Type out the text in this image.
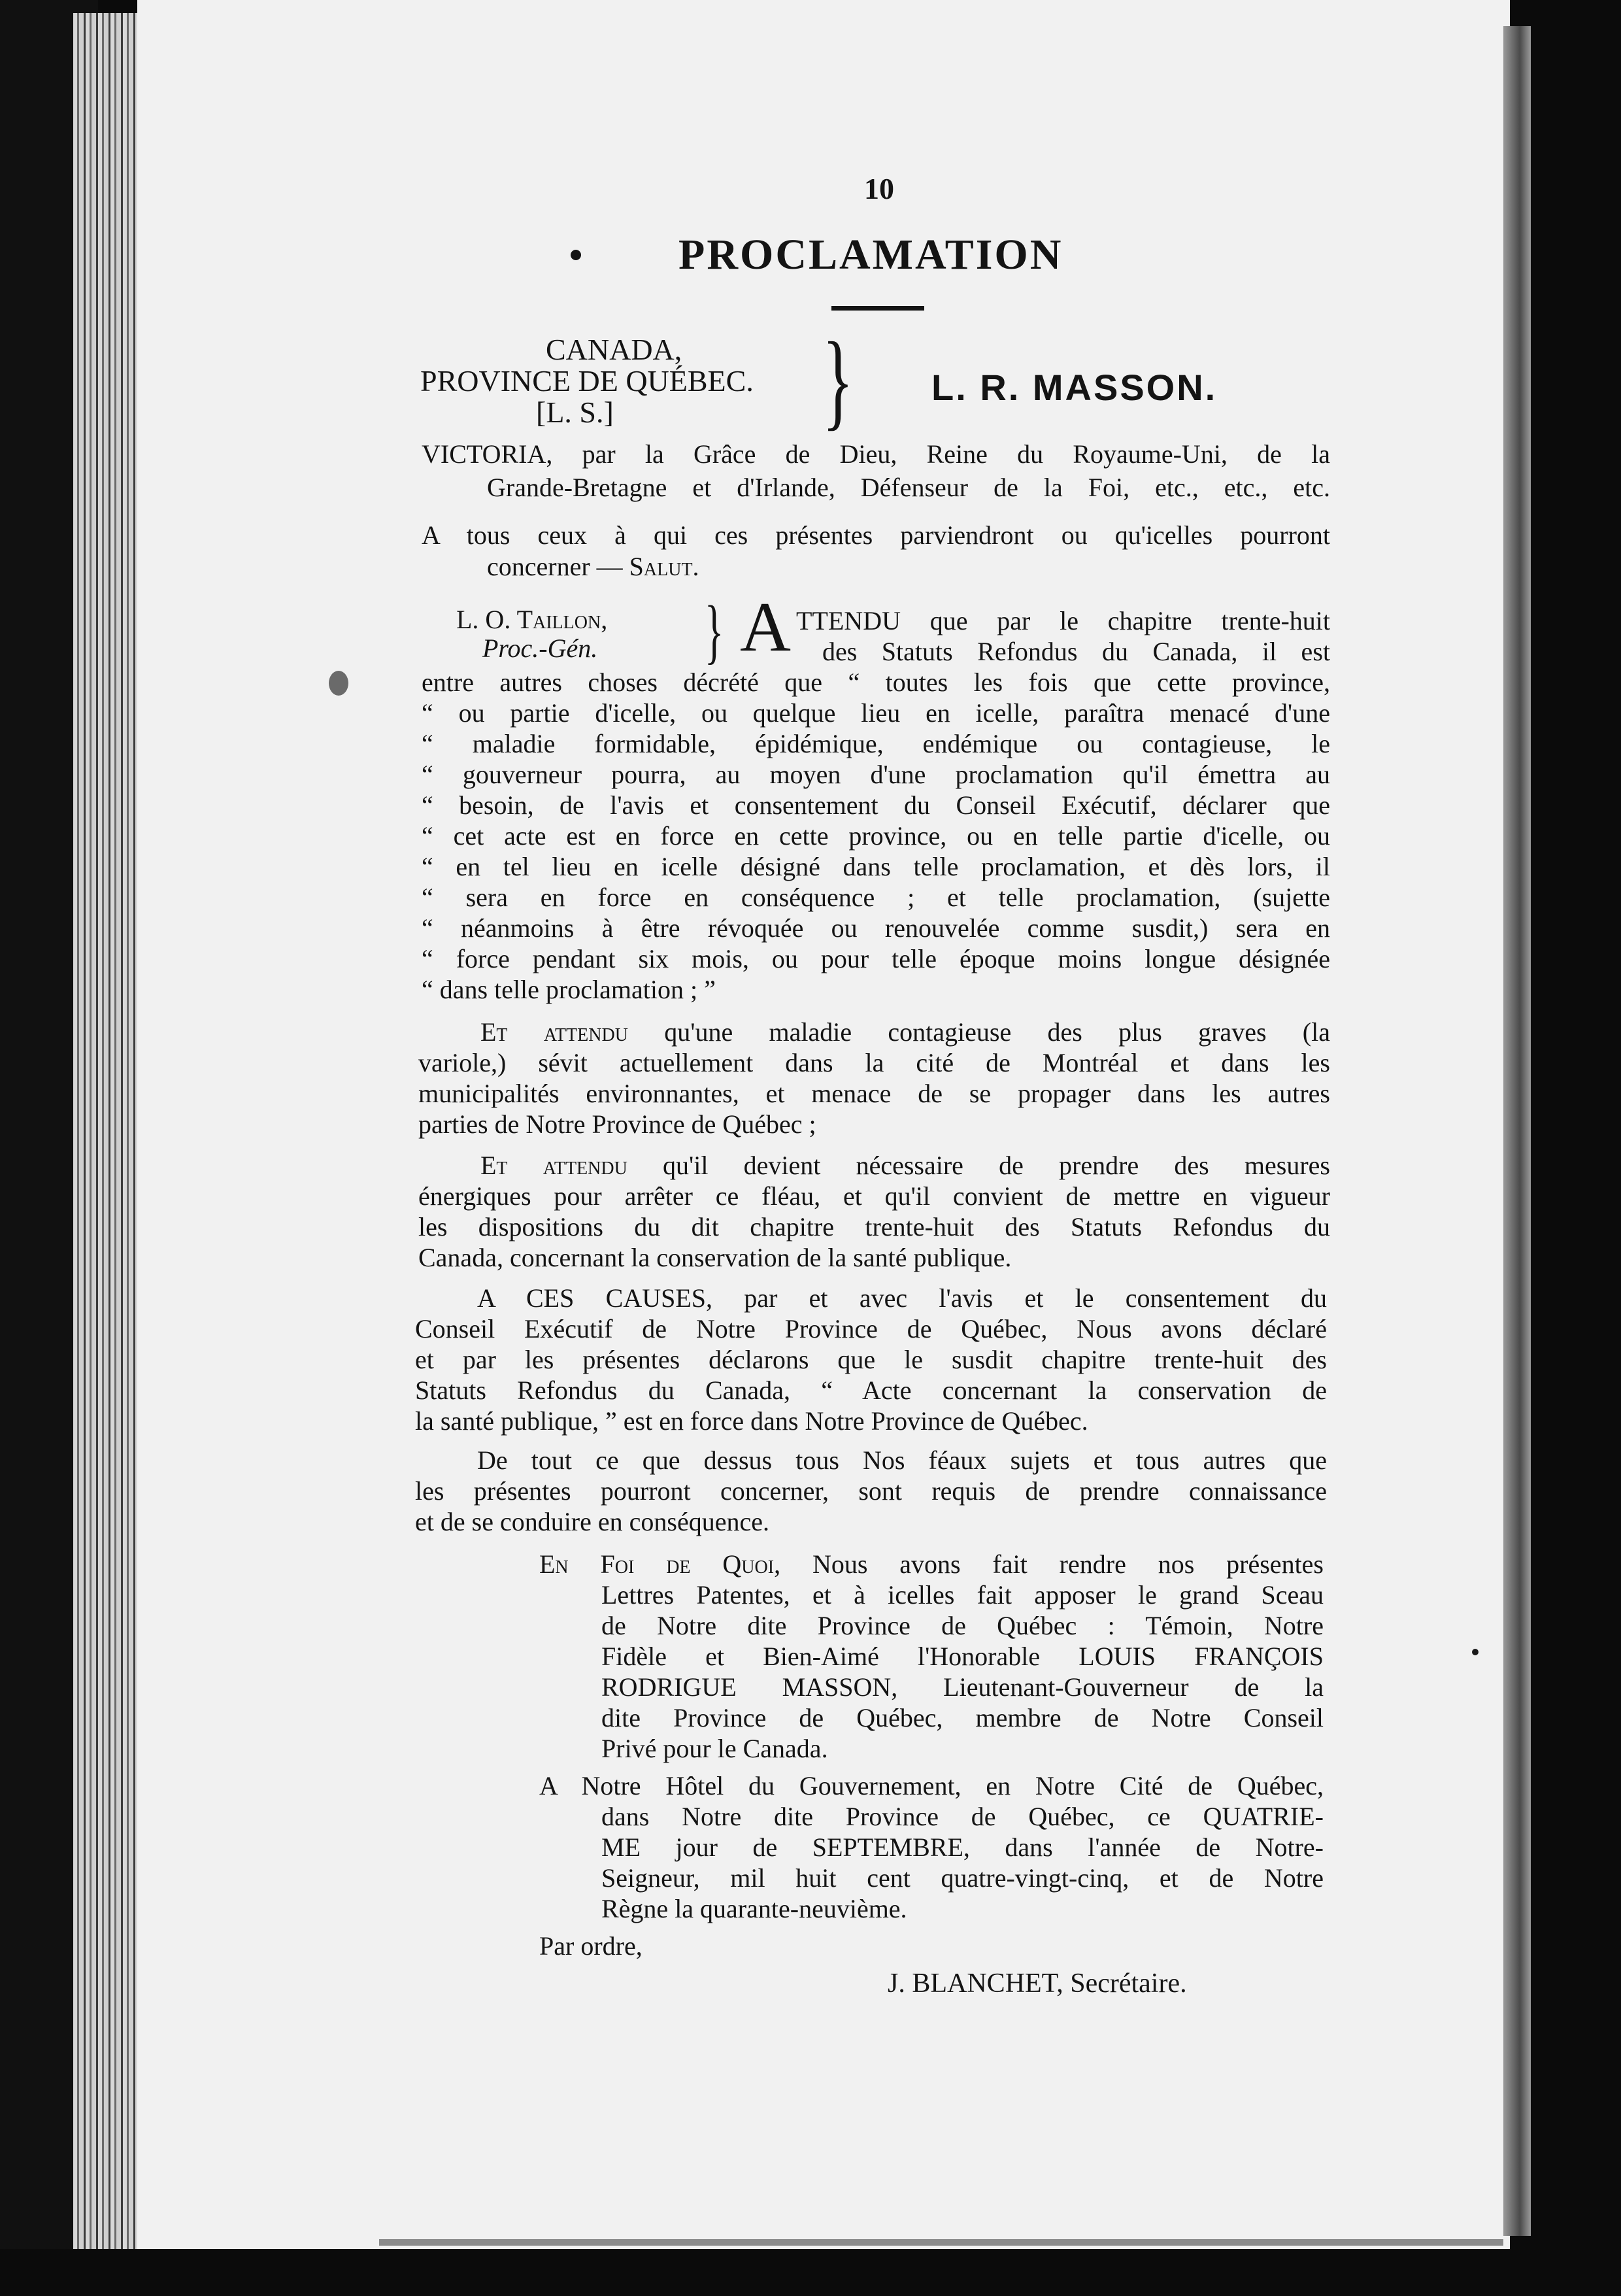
10
PROCLAMATION
CANADA,
PROVINCE DE QUÉBEC.
[L. S.] } L. R. MASSON.
VICTORIA, par la Grâce de Dieu, Reine du Royaume-Uni, de la
Grande-Bretagne et d'Irlande, Défenseur de la Foi, etc., etc., etc.
A tous ceux à qui ces présentes parviendront ou qu'icelles pourront
concerner — Salut.
L. O. Taillon,
Proc.-Gén. } A TTENDU que par le chapitre trente-huit
des Statuts Refondus du Canada, il est
entre autres choses décrété que “ toutes les fois que cette province,
“ ou partie d'icelle, ou quelque lieu en icelle, paraîtra menacé d'une
“ maladie formidable, épidémique, endémique ou contagieuse, le
“ gouverneur pourra, au moyen d'une proclamation qu'il émettra au
“ besoin, de l'avis et consentement du Conseil Exécutif, déclarer que
“ cet acte est en force en cette province, ou en telle partie d'icelle, ou
“ en tel lieu en icelle désigné dans telle proclamation, et dès lors, il
“ sera en force en conséquence ; et telle proclamation, (sujette
“ néanmoins à être révoquée ou renouvelée comme susdit,) sera en
“ force pendant six mois, ou pour telle époque moins longue désignée
“ dans telle proclamation ; ”
Et attendu qu'une maladie contagieuse des plus graves (la
variole,) sévit actuellement dans la cité de Montréal et dans les
municipalités environnantes, et menace de se propager dans les autres
parties de Notre Province de Québec ;
Et attendu qu'il devient nécessaire de prendre des mesures
énergiques pour arrêter ce fléau, et qu'il convient de mettre en vigueur
les dispositions du dit chapitre trente-huit des Statuts Refondus du
Canada, concernant la conservation de la santé publique.
A CES CAUSES, par et avec l'avis et le consentement du
Conseil Exécutif de Notre Province de Québec, Nous avons déclaré
et par les présentes déclarons que le susdit chapitre trente-huit des
Statuts Refondus du Canada, “ Acte concernant la conservation de
la santé publique, ” est en force dans Notre Province de Québec.
De tout ce que dessus tous Nos féaux sujets et tous autres que
les présentes pourront concerner, sont requis de prendre connaissance
et de se conduire en conséquence.
En Foi de Quoi, Nous avons fait rendre nos présentes
Lettres Patentes, et à icelles fait apposer le grand Sceau
de Notre dite Province de Québec : Témoin, Notre
Fidèle et Bien-Aimé l'Honorable LOUIS FRANÇOIS
RODRIGUE MASSON, Lieutenant-Gouverneur de la
dite Province de Québec, membre de Notre Conseil
Privé pour le Canada.
A Notre Hôtel du Gouvernement, en Notre Cité de Québec,
dans Notre dite Province de Québec, ce QUATRIE-
ME jour de SEPTEMBRE, dans l'année de Notre-
Seigneur, mil huit cent quatre-vingt-cinq, et de Notre
Règne la quarante-neuvième.
Par ordre,
J. BLANCHET, Secrétaire.
